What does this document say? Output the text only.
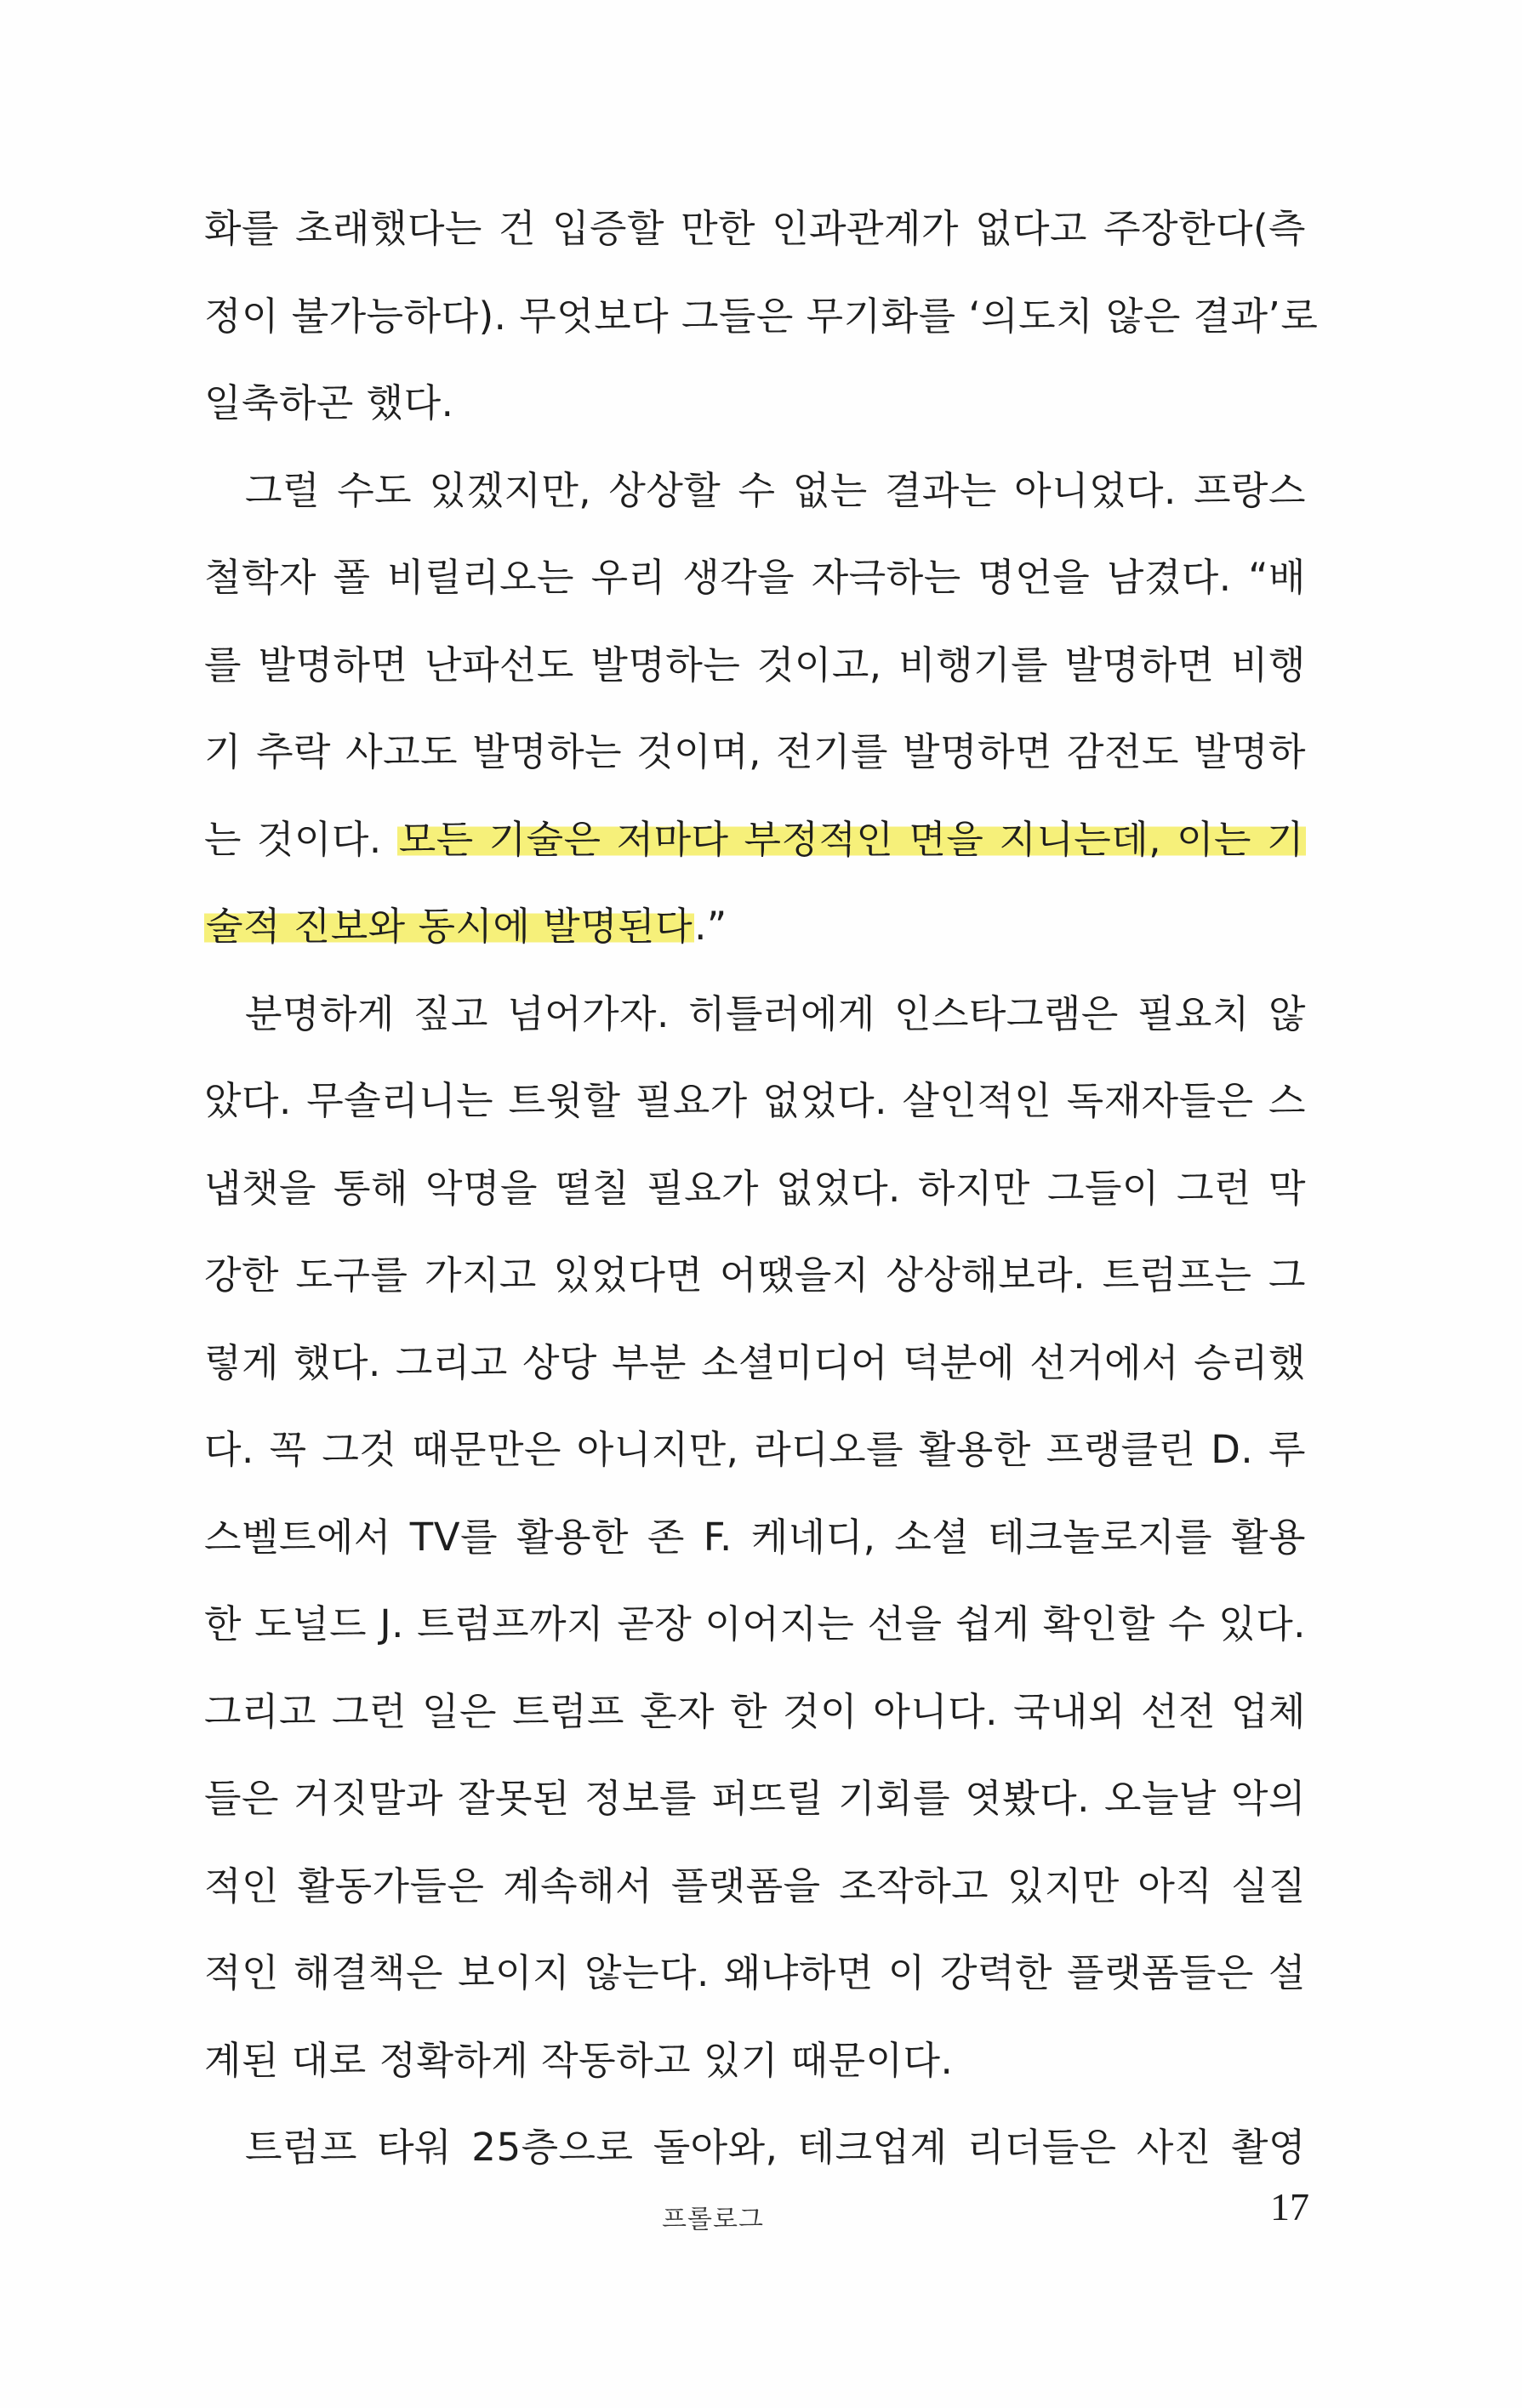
화를 초래했다는 건 입증할 만한 인과관계가 없다고 주장한다(측
정이 불가능하다). 무엇보다 그들은 무기화를 ‘의도치 않은 결과’로
일축하곤 했다.
그럴 수도 있겠지만, 상상할 수 없는 결과는 아니었다. 프랑스
철학자 폴 비릴리오는 우리 생각을 자극하는 명언을 남겼다. “배
를 발명하면 난파선도 발명하는 것이고, 비행기를 발명하면 비행
기 추락 사고도 발명하는 것이며, 전기를 발명하면 감전도 발명하
는 것이다. 모든 기술은 저마다 부정적인 면을 지니는데, 이는 기
술적 진보와 동시에 발명된다.”
분명하게 짚고 넘어가자. 히틀러에게 인스타그램은 필요치 않
았다. 무솔리니는 트윗할 필요가 없었다. 살인적인 독재자들은 스
냅챗을 통해 악명을 떨칠 필요가 없었다. 하지만 그들이 그런 막
강한 도구를 가지고 있었다면 어땠을지 상상해보라. 트럼프는 그
렇게 했다. 그리고 상당 부분 소셜미디어 덕분에 선거에서 승리했
다. 꼭 그것 때문만은 아니지만, 라디오를 활용한 프랭클린 D. 루
스벨트에서 TV를 활용한 존 F. 케네디, 소셜 테크놀로지를 활용
한 도널드 J. 트럼프까지 곧장 이어지는 선을 쉽게 확인할 수 있다.
그리고 그런 일은 트럼프 혼자 한 것이 아니다. 국내외 선전 업체
들은 거짓말과 잘못된 정보를 퍼뜨릴 기회를 엿봤다. 오늘날 악의
적인 활동가들은 계속해서 플랫폼을 조작하고 있지만 아직 실질
적인 해결책은 보이지 않는다. 왜냐하면 이 강력한 플랫폼들은 설
계된 대로 정확하게 작동하고 있기 때문이다.
트럼프 타워 25층으로 돌아와, 테크업계 리더들은 사진 촬영
프롤로그	17
